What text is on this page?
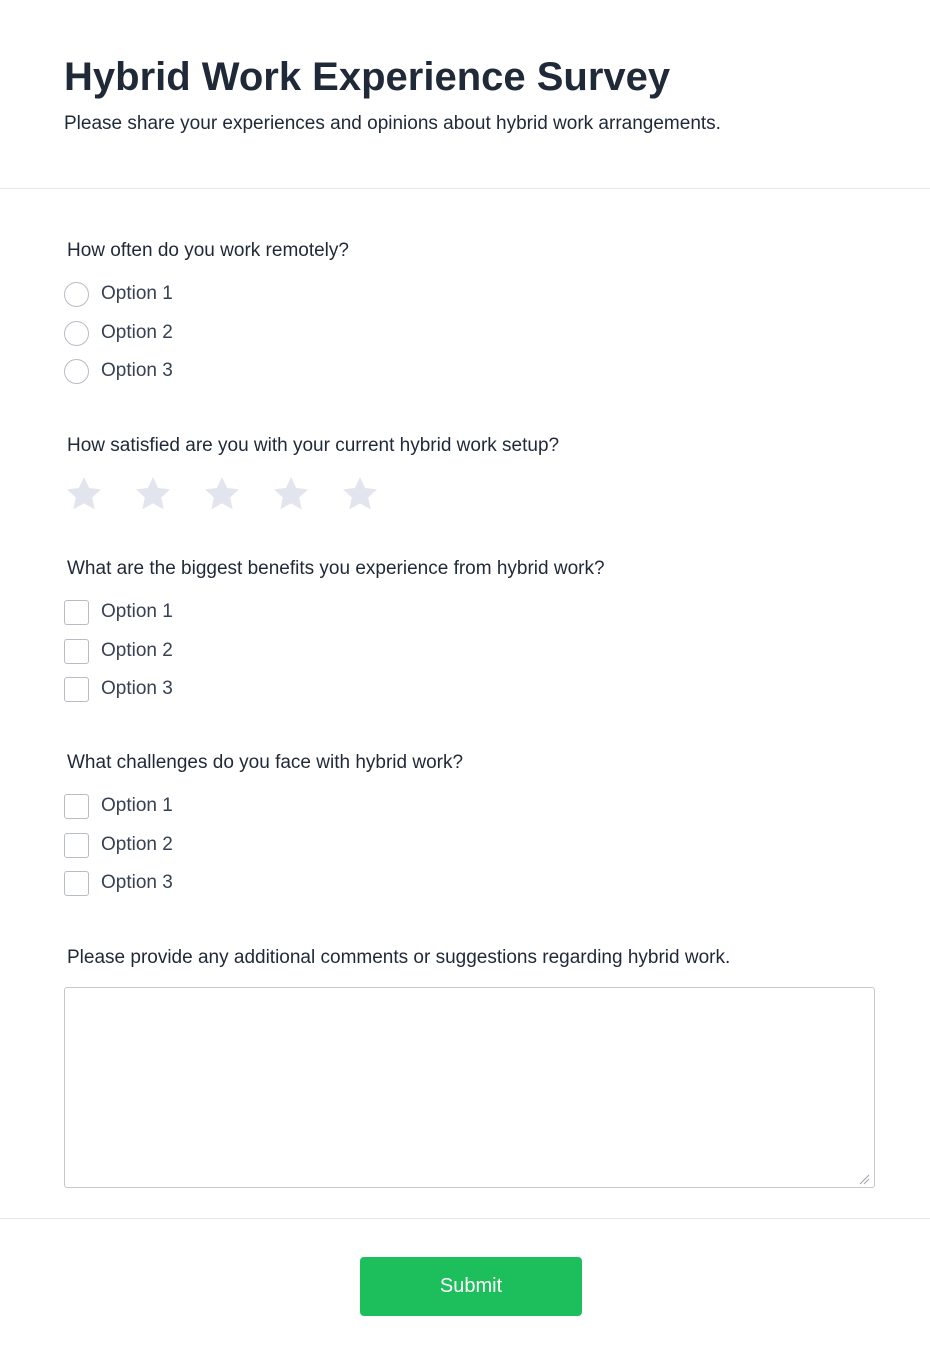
Hybrid Work Experience Survey
Please share your experiences and opinions about hybrid work arrangements.
How often do you work remotely?
Option 1
Option 2
Option 3
How satisfied are you with your current hybrid work setup?
What are the biggest benefits you experience from hybrid work?
Option 1
Option 2
Option 3
What challenges do you face with hybrid work?
Option 1
Option 2
Option 3
Please provide any additional comments or suggestions regarding hybrid work.
Submit
